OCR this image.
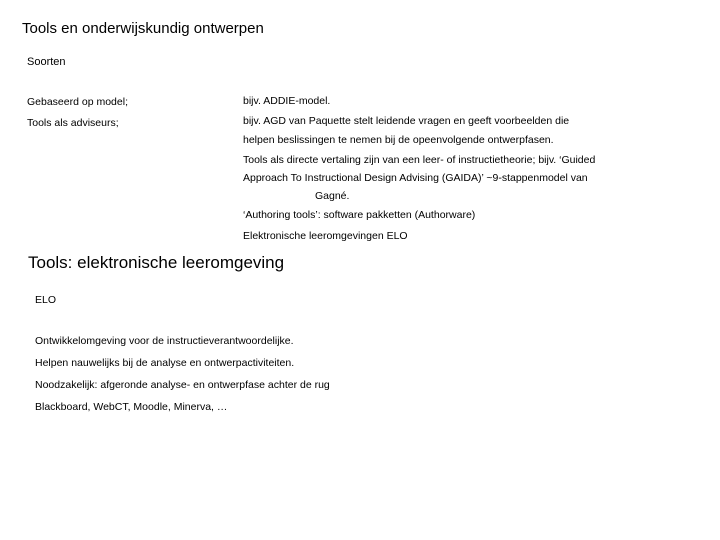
Tools en onderwijskundig ontwerpen
Soorten
Gebaseerd op model;	bijv. ADDIE-model.
Tools als adviseurs;	bijv. AGD van Paquette stelt leidende vragen en geeft voorbeelden die
helpen beslissingen te nemen bij de opeenvolgende ontwerpfasen.
Tools als directe vertaling zijn van een leer- of instructietheorie; bijv. ‘Guided
Approach To Instructional Design Advising (GAIDA)’ ~9-stappenmodel van
Gagné.
‘Authoring tools’: software pakketten (Authorware)
Elektronische leeromgevingen ELO
Tools: elektronische leeromgeving
ELO
Ontwikkelomgeving voor de instructieverantwoordelijke.
Helpen nauwelijks bij de analyse en ontwerpactiviteiten.
Noodzakelijk: afgeronde analyse- en ontwerpfase achter de rug
Blackboard, WebCT, Moodle, Minerva, …
